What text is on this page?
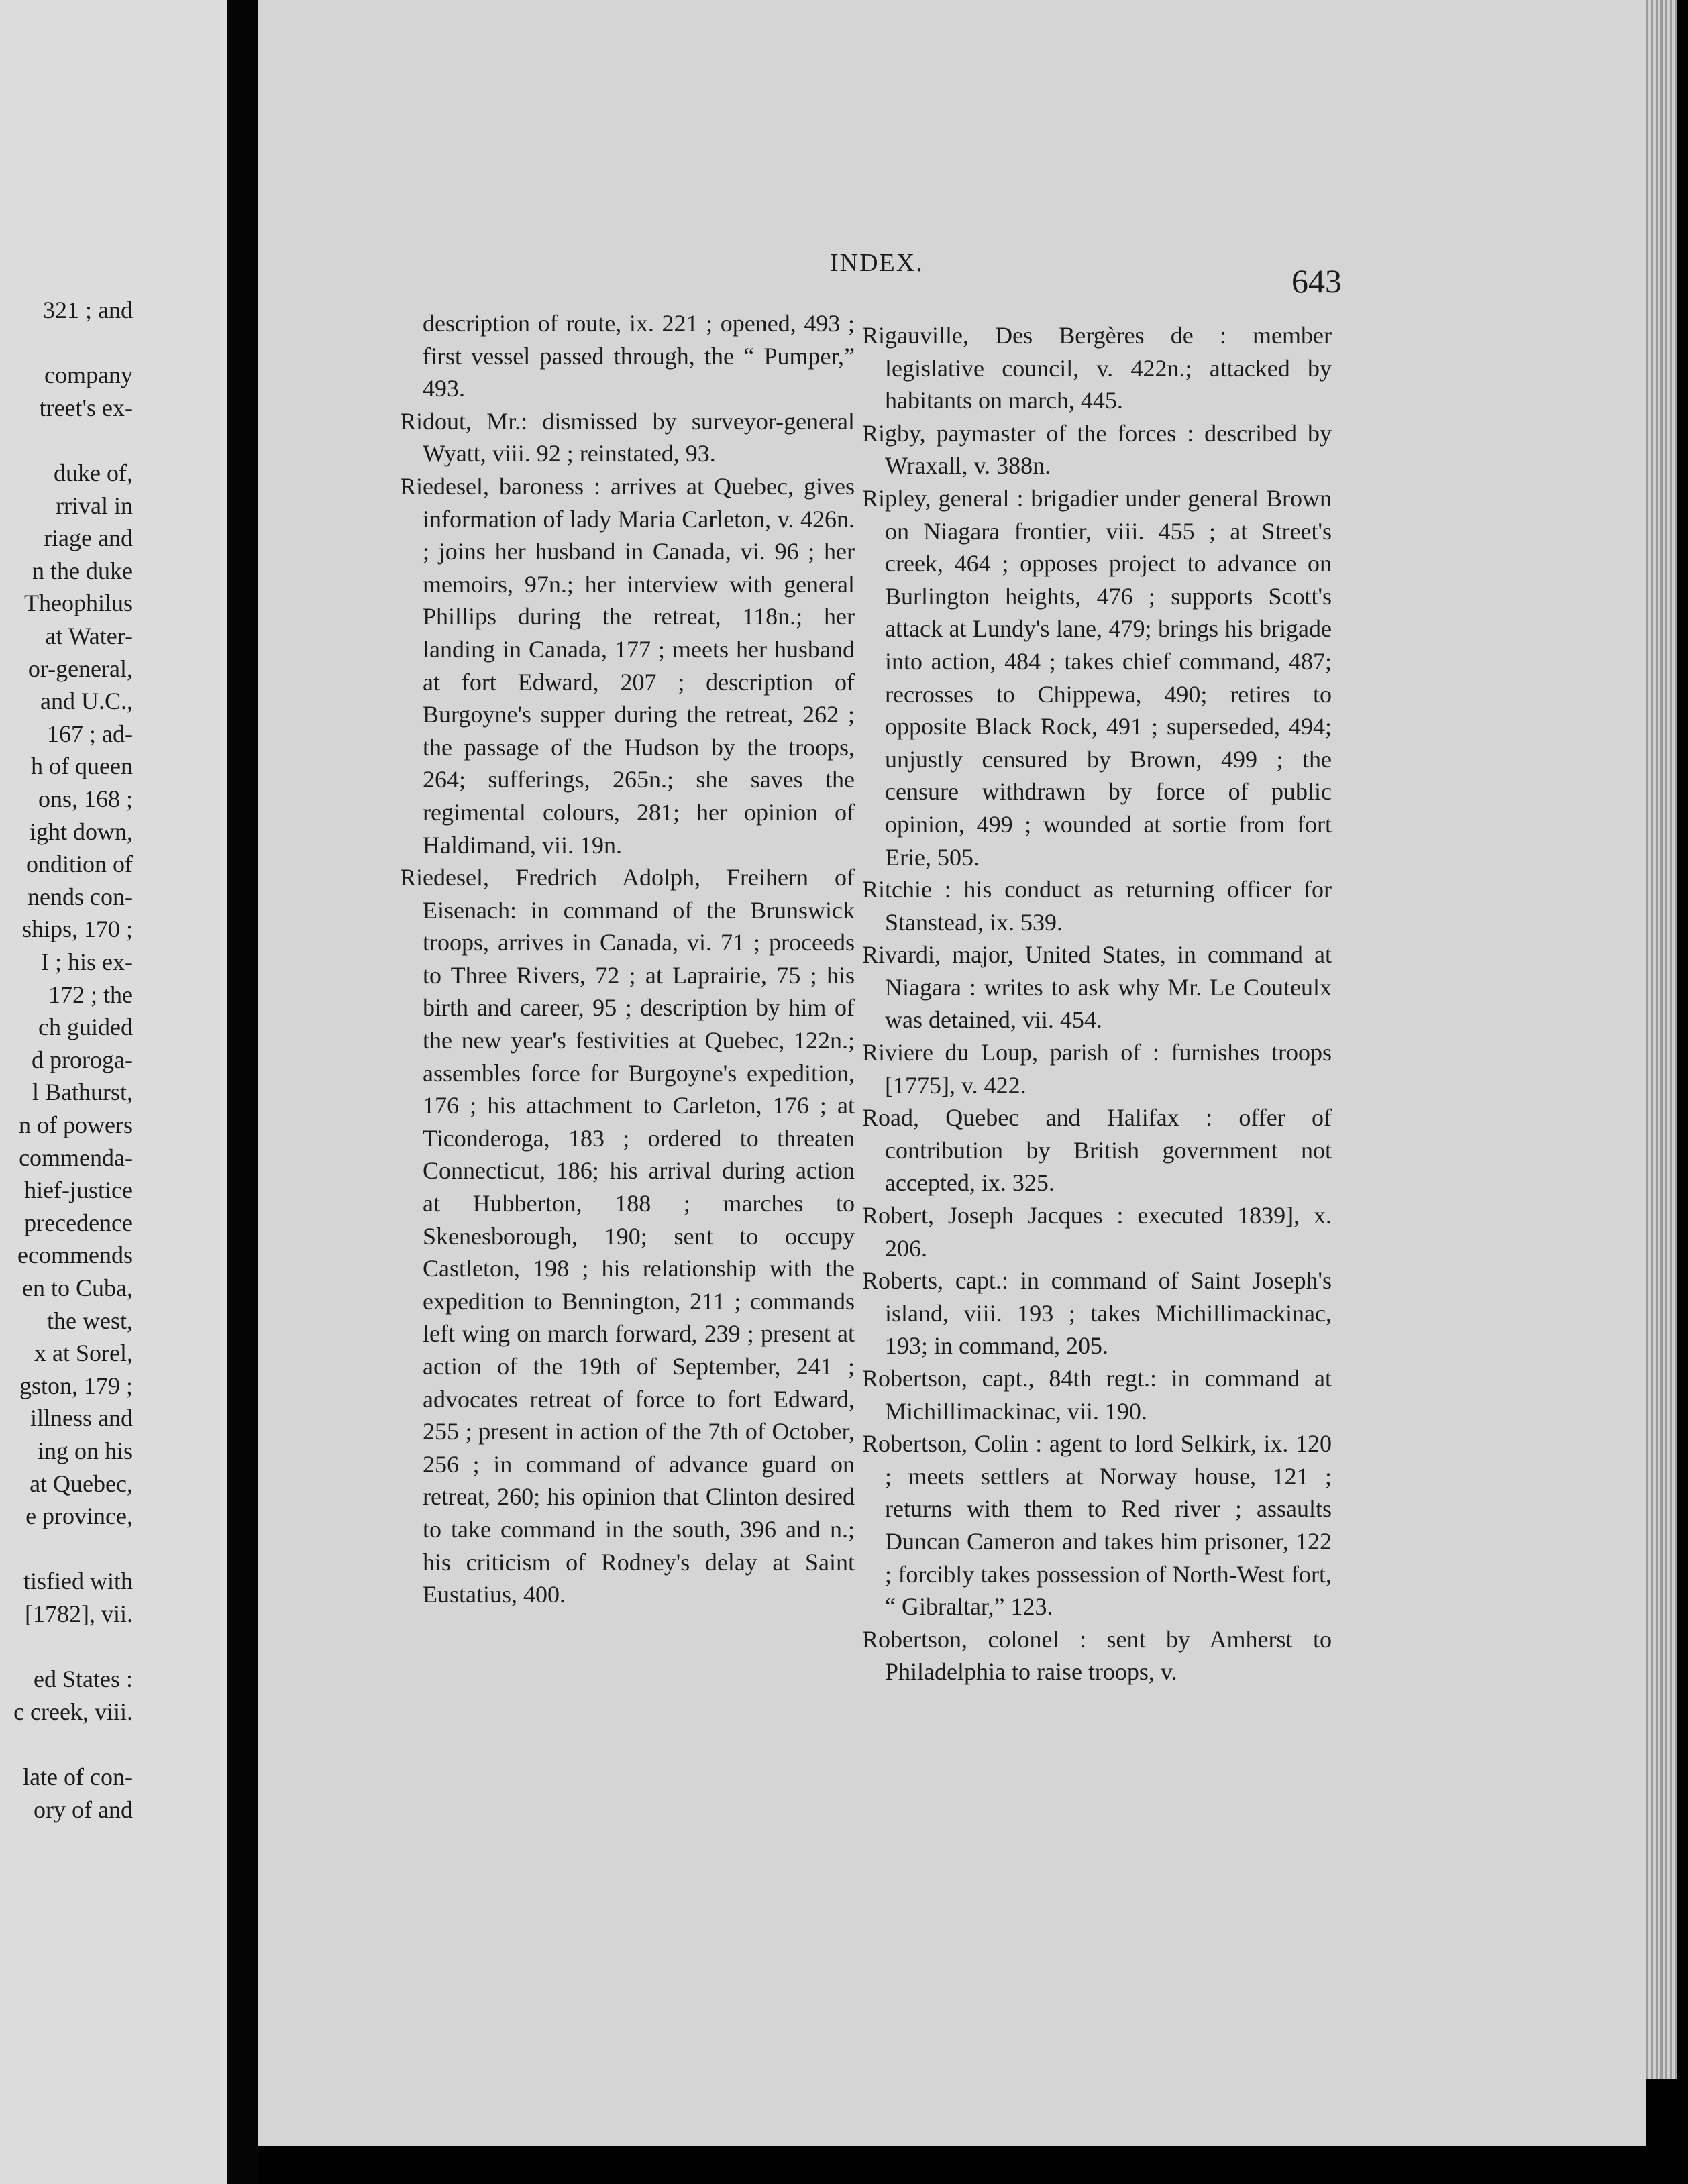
321 ; and
company
treet's ex-
duke of,
rrival in
riage and
n the duke
Theophilus
at Water-
or-general,
and U.C.,
167 ; ad-
h of queen
ons, 168 ;
ight down,
ondition of
nends con-
ships, 170 ;
I ; his ex-
172 ; the
ch guided
d proroga-
l Bathurst,
n of powers
commenda-
hief-justice
precedence
ecommends
en to Cuba,
the west,
x at Sorel,
gston, 179 ;
illness and
ing on his
at Quebec,
e province,
tisfied with
[1782], vii.
ed States :
c creek, viii.
late of con-
ory of and
INDEX.	643

description of route, ix. 221 ; opened, 493 ; first vessel passed through, the “ Pumper,” 493.

Ridout, Mr.: dismissed by surveyor-general Wyatt, viii. 92 ; reinstated, 93.

Riedesel, baroness : arrives at Quebec, gives information of lady Maria Carleton, v. 426n. ; joins her husband in Canada, vi. 96 ; her memoirs, 97n.; her interview with general Phillips during the retreat, 118n.; her landing in Canada, 177 ; meets her husband at fort Edward, 207 ; description of Burgoyne's supper during the retreat, 262 ; the passage of the Hudson by the troops, 264; sufferings, 265n.; she saves the regimental colours, 281; her opinion of Haldimand, vii. 19n.

Riedesel, Fredrich Adolph, Freihern of Eisenach: in command of the Brunswick troops, arrives in Canada, vi. 71 ; proceeds to Three Rivers, 72 ; at Laprairie, 75 ; his birth and career, 95 ; description by him of the new year's festivities at Quebec, 122n.; assembles force for Burgoyne's expedition, 176 ; his attachment to Carleton, 176 ; at Ticonderoga, 183 ; ordered to threaten Connecticut, 186; his arrival during action at Hubberton, 188 ; marches to Skenesborough, 190; sent to occupy Castleton, 198 ; his relationship with the expedition to Bennington, 211 ; commands left wing on march forward, 239 ; present at action of the 19th of September, 241 ; advocates retreat of force to fort Edward, 255 ; present in action of the 7th of October, 256 ; in command of advance guard on retreat, 260; his opinion that Clinton desired to take command in the south, 396 and n.; his criticism of Rodney's delay at Saint Eustatius, 400.

Rigauville, Des Bergères de : member legislative council, v. 422n.; attacked by habitants on march, 445.

Rigby, paymaster of the forces : described by Wraxall, v. 388n.

Ripley, general : brigadier under general Brown on Niagara frontier, viii. 455 ; at Street's creek, 464 ; opposes project to advance on Burlington heights, 476 ; supports Scott's attack at Lundy's lane, 479; brings his brigade into action, 484 ; takes chief command, 487; recrosses to Chippewa, 490; retires to opposite Black Rock, 491 ; superseded, 494; unjustly censured by Brown, 499 ; the censure withdrawn by force of public opinion, 499 ; wounded at sortie from fort Erie, 505.

Ritchie : his conduct as returning officer for Stanstead, ix. 539.

Rivardi, major, United States, in command at Niagara : writes to ask why Mr. Le Couteulx was detained, vii. 454.

Riviere du Loup, parish of : furnishes troops [1775], v. 422.

Road, Quebec and Halifax : offer of contribution by British government not accepted, ix. 325.

Robert, Joseph Jacques : executed 1839], x. 206.

Roberts, capt.: in command of Saint Joseph's island, viii. 193 ; takes Michillimackinac, 193; in command, 205.

Robertson, capt., 84th regt.: in command at Michillimackinac, vii. 190.

Robertson, Colin : agent to lord Selkirk, ix. 120 ; meets settlers at Norway house, 121 ; returns with them to Red river ; assaults Duncan Cameron and takes him prisoner, 122 ; forcibly takes possession of North-West fort, “ Gibraltar,” 123.

Robertson, colonel : sent by Amherst to Philadelphia to raise troops, v.
